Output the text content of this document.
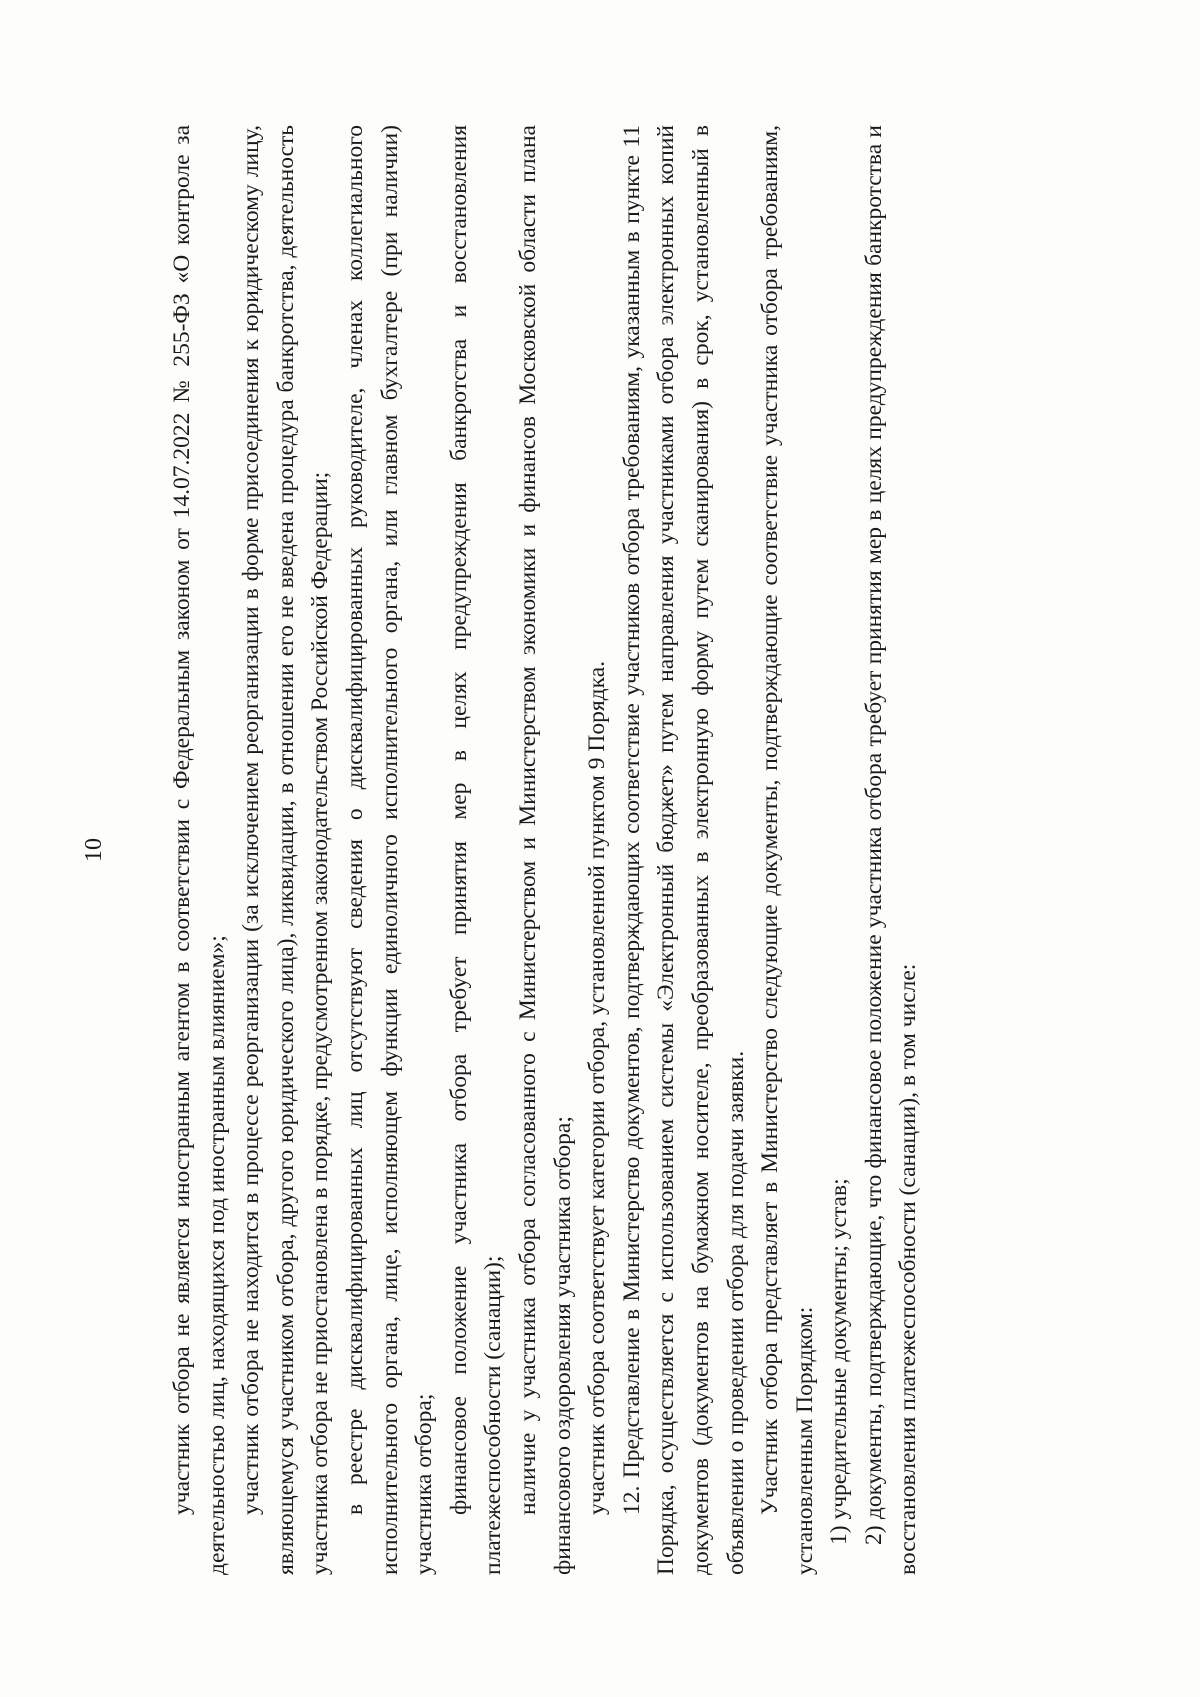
10	участник отбора не является иностранным агентом в соответствии с Федеральным законом от 14.07.2022 № 255-ФЗ «О контроле за деятельностью лиц, находящихся под иностранным влиянием»; участник отбора не находится в процессе реорганизации (за исключением реорганизации в форме присоединения к юридическому лицу, являющемуся участником отбора, другого юридического лица), ликвидации, в отношении его не введена процедура банкротства, деятельность участника отбора не приостановлена в порядке, предусмотренном законодательством Российской Федерации; в реестре дисквалифицированных лиц отсутствуют сведения о дисквалифицированных руководителе, членах коллегиального исполнительного органа, лице, исполняющем функции единоличного исполнительного органа, или главном бухгалтере (при наличии) участника отбора; финансовое положение участника отбора требует принятия мер в целях предупреждения банкротства и восстановления платежеспособности (санации); наличие у участника отбора согласованного с Министерством и Министерством экономики и финансов Московской области плана финансового оздоровления участника отбора; участник отбора соответствует категории отбора, установленной пунктом 9 Порядка. 12. Представление в Министерство документов, подтверждающих соответствие участников отбора требованиям, указанным в пункте 11 Порядка, осуществляется с использованием системы «Электронный бюджет» путем направления участниками отбора электронных копий документов (документов на бумажном носителе, преобразованных в электронную форму путем сканирования) в срок, установленный в объявлении о проведении отбора для подачи заявки. Участник отбора представляет в Министерство следующие документы, подтверждающие соответствие участника отбора требованиям, установленным Порядком: 1) учредительные документы; устав; 2) документы, подтверждающие, что финансовое положение участника отбора требует принятия мер в целях предупреждения банкротства и восстановления платежеспособности (санации), в том числе:
